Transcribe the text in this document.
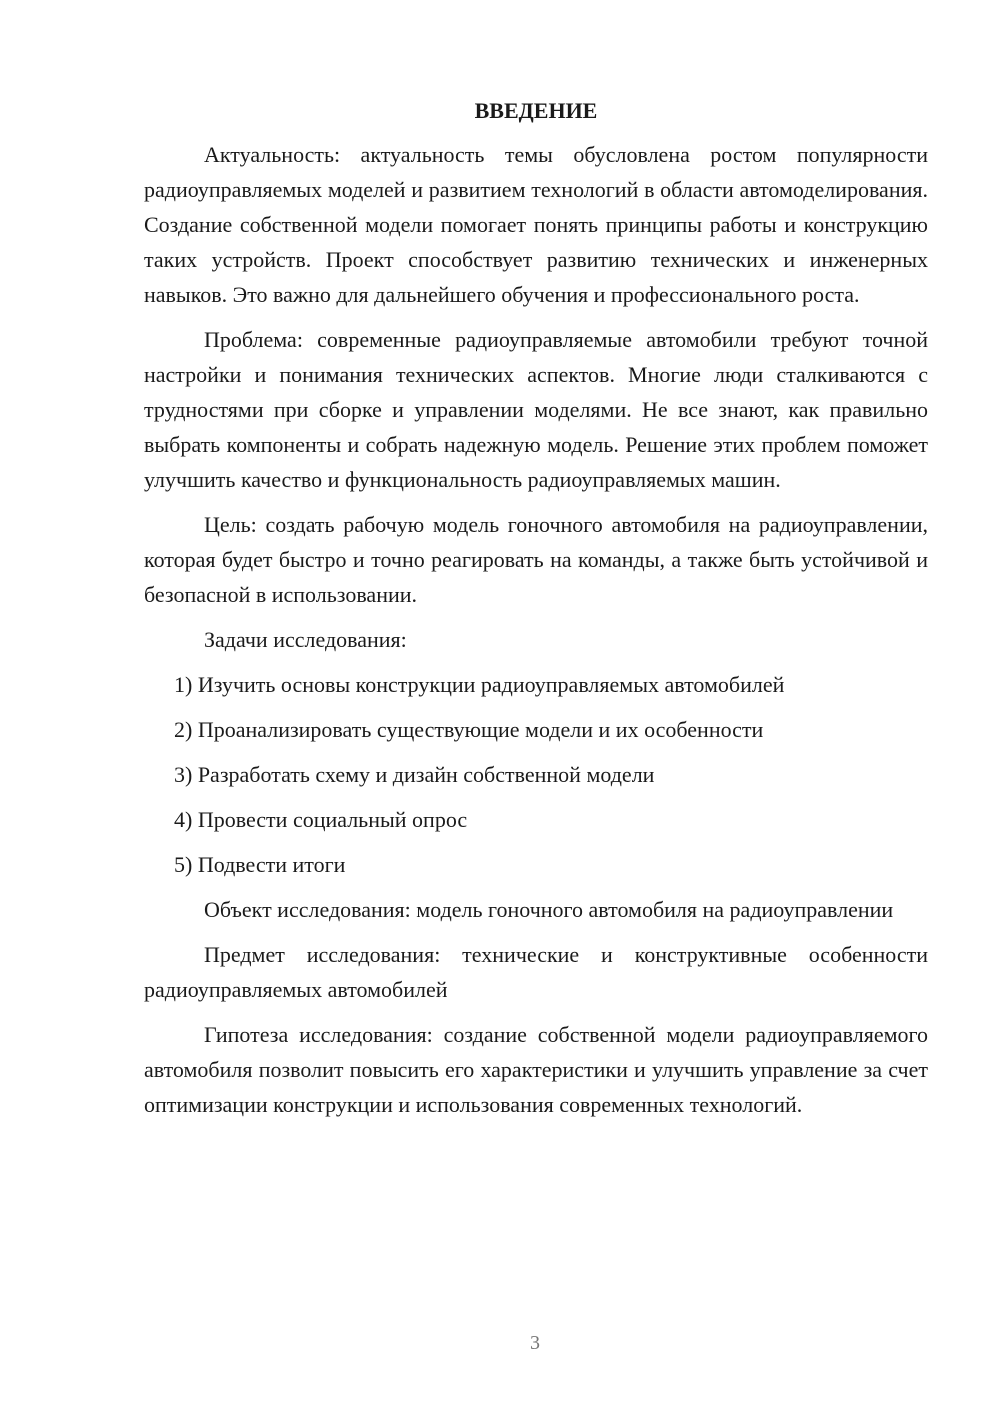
ВВЕДЕНИЕ

Актуальность: актуальность темы обусловлена ростом популярности радиоуправляемых моделей и развитием технологий в области автомоделирования. Создание собственной модели помогает понять принципы работы и конструкцию таких устройств. Проект способствует развитию технических и инженерных навыков. Это важно для дальнейшего обучения и профессионального роста.

Проблема: современные радиоуправляемые автомобили требуют точной настройки и понимания технических аспектов. Многие люди сталкиваются с трудностями при сборке и управлении моделями. Не все знают, как правильно выбрать компоненты и собрать надежную модель. Решение этих проблем поможет улучшить качество и функциональность радиоуправляемых машин.

Цель: создать рабочую модель гоночного автомобиля на радиоуправлении, которая будет быстро и точно реагировать на команды, а также быть устойчивой и безопасной в использовании.

Задачи исследования:

1) Изучить основы конструкции радиоуправляемых автомобилей
2) Проанализировать существующие модели и их особенности
3) Разработать схему и дизайн собственной модели
4) Провести социальный опрос
5) Подвести итоги

Объект исследования: модель гоночного автомобиля на радиоуправлении

Предмет исследования: технические и конструктивные особенности радиоуправляемых автомобилей

Гипотеза исследования: создание собственной модели радиоуправляемого автомобиля позволит повысить его характеристики и улучшить управление за счет оптимизации конструкции и использования современных технологий.

3
